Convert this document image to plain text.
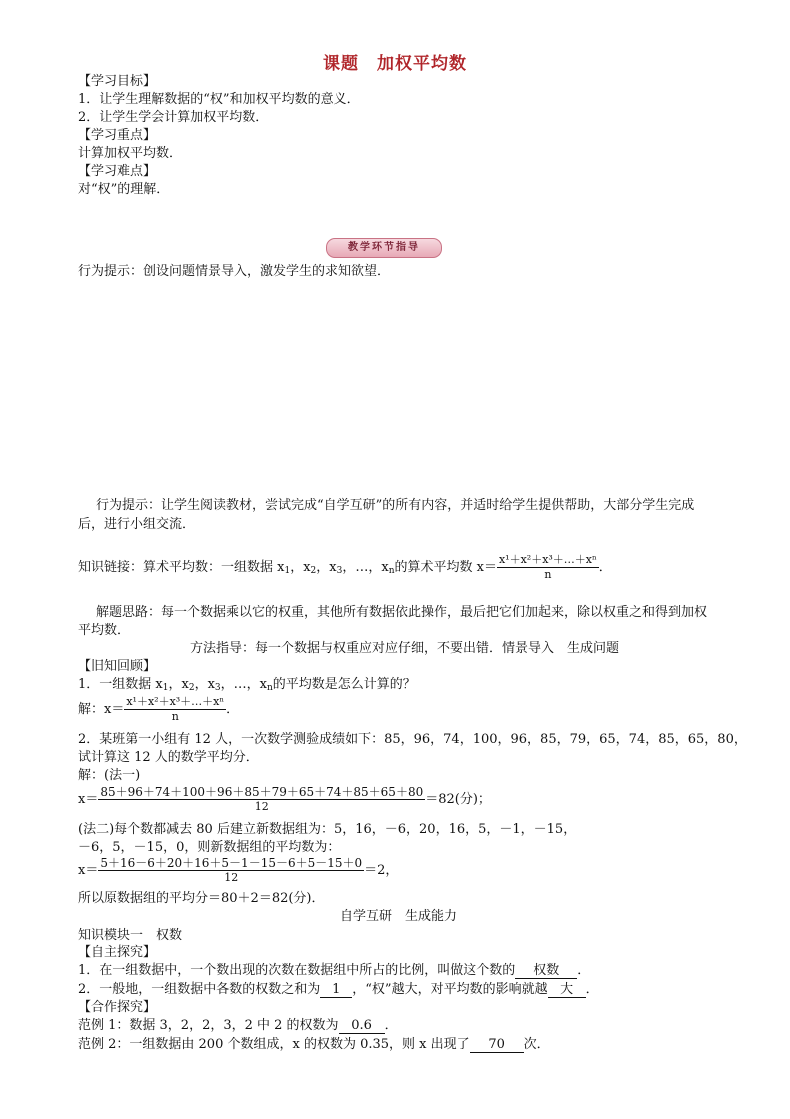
课题 加权平均数
【学习目标】
1．让学生理解数据的“权”和加权平均数的意义．
2．让学生学会计算加权平均数．
【学习重点】
计算加权平均数．
【学习难点】
对“权”的理解．
教学环节指导
行为提示：创设问题情景导入，激发学生的求知欲望．
行为提示：让学生阅读教材，尝试完成“自学互研”的所有内容，并适时给学生提供帮助，大部分学生完成
后，进行小组交流．
知识链接：算术平均数：一组数据 $x_1$，$x_2$，$x_3$，…，$x_n$的算术平均数 $x= \frac{\text{x¹＋x²＋x³＋…＋xⁿ}}{n}$ ．
解题思路：每一个数据乘以它的权重，其他所有数据依此操作，最后把它们加起来，除以权重之和得到加权
平均数．
方法指导：每一个数据与权重应对应仔细，不要出错．情景导入　生成问题
【旧知回顾】
1．一组数据 $x_1$，$x_2$，$x_3$，…，$x_n$的平均数是怎么计算的？
解：$x= \frac{\text{x¹＋x²＋x³＋…＋xⁿ}}{n}$ ．
2．某班第一小组有 12 人，一次数学测验成绩如下：85，96，74，100，96，85，79，65，74，85，65，80，
试计算这 12 人的数学平均分．
解：(法一)
$x= \frac{85+96+74+100+96+85+79+65+74+85+65+80}{12} =82$(分)；
(法二)每个数都减去 80 后建立新数据组为：5，16，－6，20，16，5，－1，－15，
－6，5，－15，0，则新数据组的平均数为：
$x= \frac{5+16-6+20+16+5-1-15-6+5-15+0}{12} =2$，
所以原数据组的平均分＝80＋2＝82(分)．
自学互研　生成能力
知识模块一　权数
【自主探究】
1．在一组数据中，一个数出现的次数在数据组中所占的比例，叫做这个数的 权数 ．
2．一般地，一组数据中各数的权数之和为 1 ，“权”越大，对平均数的影响就越 大 ．
【合作探究】
范例 1：数据 3，2，2，3，2 中 2 的权数为 0.6 ．
范例 2：一组数据由 200 个数组成，x 的权数为 0.35，则 x 出现了 70 次．
